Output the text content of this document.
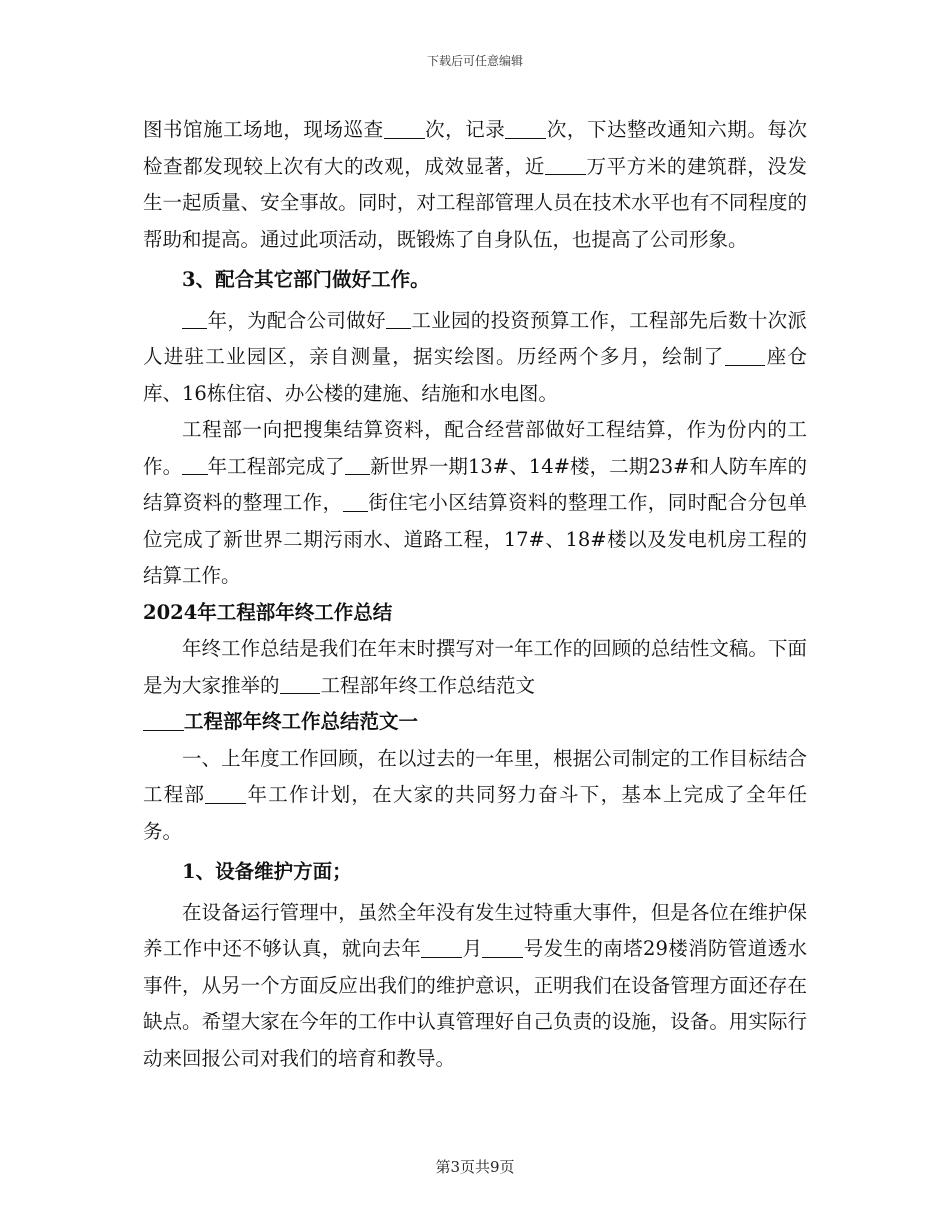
下载后可任意编辑

图书馆施工场地，现场巡查 次，记录 次，下达整改通知六期。每次检查都发现较上次有大的改观，成效显著，近 万平方米的建筑群，没发生一起质量、安全事故。同时，对工程部管理人员在技术水平也有不同程度的帮助和提高。通过此项活动，既锻炼了自身队伍，也提高了公司形象。

3、配合其它部门做好工作。

年，为配合公司做好 工业园的投资预算工作，工程部先后数十次派人进驻工业园区，亲自测量，据实绘图。历经两个多月，绘制了 座仓库、16栋住宿、办公楼的建施、结施和水电图。

工程部一向把搜集结算资料，配合经营部做好工程结算，作为份内的工作。 年工程部完成了 新世界一期13#、14#楼，二期23#和人防车库的结算资料的整理工作， 街住宅小区结算资料的整理工作，同时配合分包单位完成了新世界二期污雨水、道路工程，17#、18#楼以及发电机房工程的结算工作。

2024年工程部年终工作总结

年终工作总结是我们在年末时撰写对一年工作的回顾的总结性文稿。下面是为大家推举的 工程部年终工作总结范文

工程部年终工作总结范文一

一、上年度工作回顾，在以过去的一年里，根据公司制定的工作目标结合工程部 年工作计划，在大家的共同努力奋斗下，基本上完成了全年任务。

1、设备维护方面；

在设备运行管理中，虽然全年没有发生过特重大事件，但是各位在维护保养工作中还不够认真，就向去年 月 号发生的南塔29楼消防管道透水事件，从另一个方面反应出我们的维护意识，正明我们在设备管理方面还存在缺点。希望大家在今年的工作中认真管理好自己负责的设施，设备。用实际行动来回报公司对我们的培育和教导。

第3页共9页
